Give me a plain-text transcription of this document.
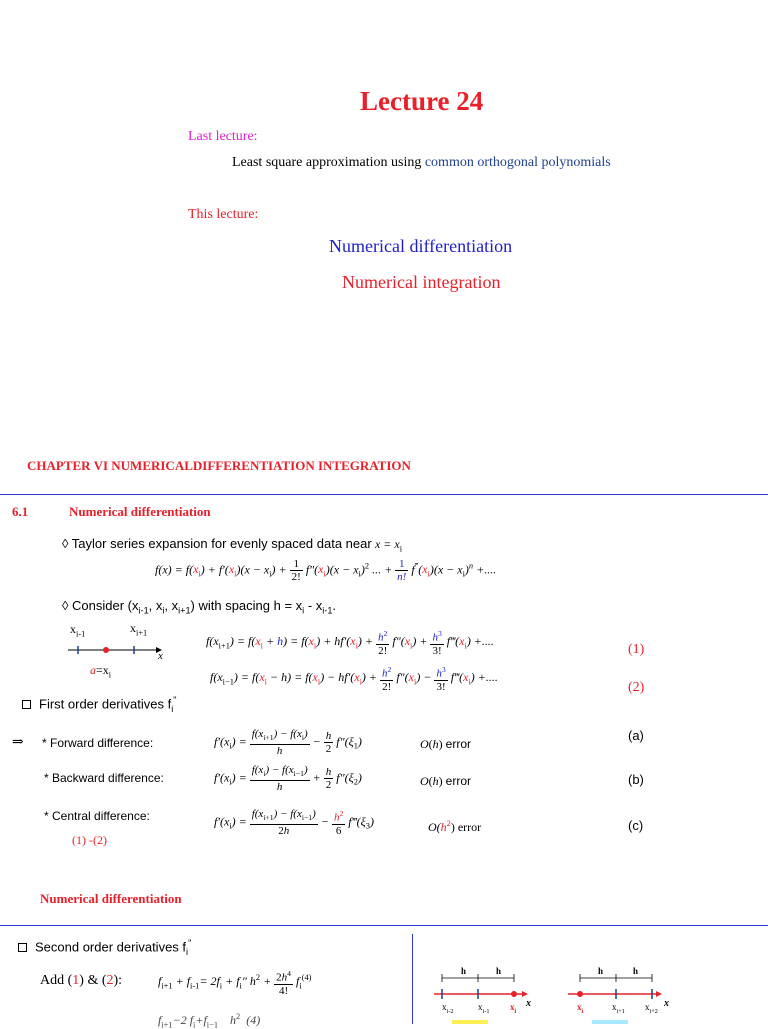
Lecture 24
Last lecture:
Least square approximation using common orthogonal polynomials
This lecture:
Numerical differentiation
Numerical integration
CHAPTER VI NUMERICALDIFFERENTIATION INTEGRATION
6.1	Numerical differentiation
◊ Taylor series expansion for evenly spaced data near $x = x_i$
$f(x) = f(x_i) + f'(x_i)(x - x_i) + \frac{1}{2!} f''(x_i)(x - x_i)^2$ ... + $\frac{1}{n!} f^‴(x_i)(x - x_i)^n$ +....
◊ Consider ($x_{i-1}$, $x_i$, $x_{i+1}$) with spacing $h = x_i - x_{i-1}$.
$x_{i-1}$	$x_{i+1}$
x
$a=x_i$
$f(x_{i+1}) = f(x_i + h) = f(x_i) + hf'(x_i) + \frac{h^2}{2!} f''(x_i) + \frac{h^3}{3!}$ $f‴(x_i)$ +....
(1)
$f(x_{i-1}) = f(x_i - h) = f(x_i) - hf'(x_i) + \frac{h^2}{2!} f''(x_i) - \frac{h^3}{3!}$ $f‴(x_i)$ +....
(2)
First order derivatives $f_i^"$
⇒ * Forward difference:	$f'(x_i) = \frac{f(x_{i+1}) - f(x_i)}{h} - \frac{h}{2} f''(\xi_1)$	O(h) error
(a)
* Backward difference:	$f'(x_i) = \frac{f(x_i) - f(x_{i-1})}{h} + \frac{h}{2} f''(\xi_2)$	O(h) error	(b)
* Central difference:
(1) -(2)
$f'(x_i) = \frac{f(x_{i+1}) - f(x_{i-1})}{2h} - \frac{h^2}{6}$ $f‴(\xi_3)$	$O(h^2)$ error	(c)
Numerical differentiation
Second order derivatives $f_i^"$
Add (1) & (2):	$f_{i+1} + f_{i-1}= 2f_i + f_i''$ $h^2 + \frac{2h^4}{4!} f_i^{(4)}$
$f_{i+1}-2$ $f_i+f_{i-1}$    $h^2$  (4)
h	h
$x_{i-2}$	$x_{i-1}$ $x_i$
x
h	h
$x_i$	$x_{i+1}$ $x_{i+2}$
x
